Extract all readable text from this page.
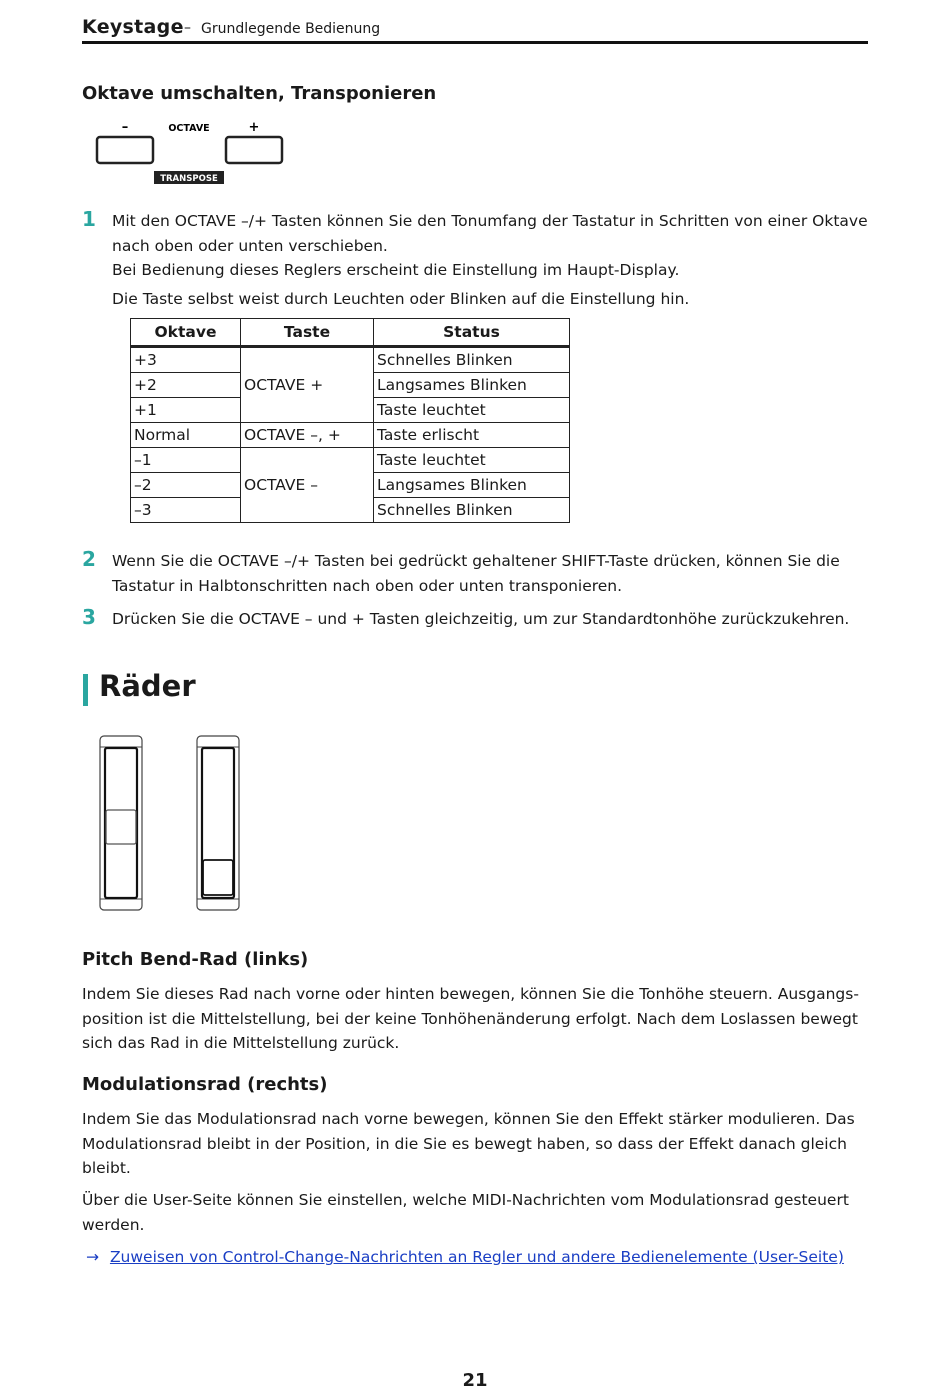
Keystage – Grundlegende Bedienung
Oktave umschalten, Transponieren
–	OCTAVE	+
TRANSPOSE
1 Mit den OCTAVE –/+ Tasten können Sie den Tonumfang der Tastatur in Schritten von einer Oktave
nach oben oder unten verschieben.
Bei Bedienung dieses Reglers erscheint die Einstellung im Haupt-Display.
Die Taste selbst weist durch Leuchten oder Blinken auf die Einstellung hin.
Oktave	Taste	Status
+3	OCTAVE +	Schnelles Blinken
+2		Langsames Blinken
+1		Taste leuchtet
Normal	OCTAVE –, +	Taste erlischt
–1	OCTAVE –	Taste leuchtet
–2		Langsames Blinken
–3		Schnelles Blinken
2 Wenn Sie die OCTAVE –/+ Tasten bei gedrückt gehaltener SHIFT-Taste drücken, können Sie die
Tastatur in Halbtonschritten nach oben oder unten transponieren.
3 Drücken Sie die OCTAVE – und + Tasten gleichzeitig, um zur Standardtonhöhe zurückzukehren.
Räder
Pitch Bend-Rad (links)
Indem Sie dieses Rad nach vorne oder hinten bewegen, können Sie die Tonhöhe steuern. Ausgangs-
position ist die Mittelstellung, bei der keine Tonhöhenänderung erfolgt. Nach dem Loslassen bewegt
sich das Rad in die Mittelstellung zurück.
Modulationsrad (rechts)
Indem Sie das Modulationsrad nach vorne bewegen, können Sie den Effekt stärker modulieren. Das
Modulationsrad bleibt in der Position, in die Sie es bewegt haben, so dass der Effekt danach gleich
bleibt.
Über die User-Seite können Sie einstellen, welche MIDI-Nachrichten vom Modulationsrad gesteuert
werden.
→ Zuweisen von Control-Change-Nachrichten an Regler und andere Bedienelemente (User-Seite)
21
